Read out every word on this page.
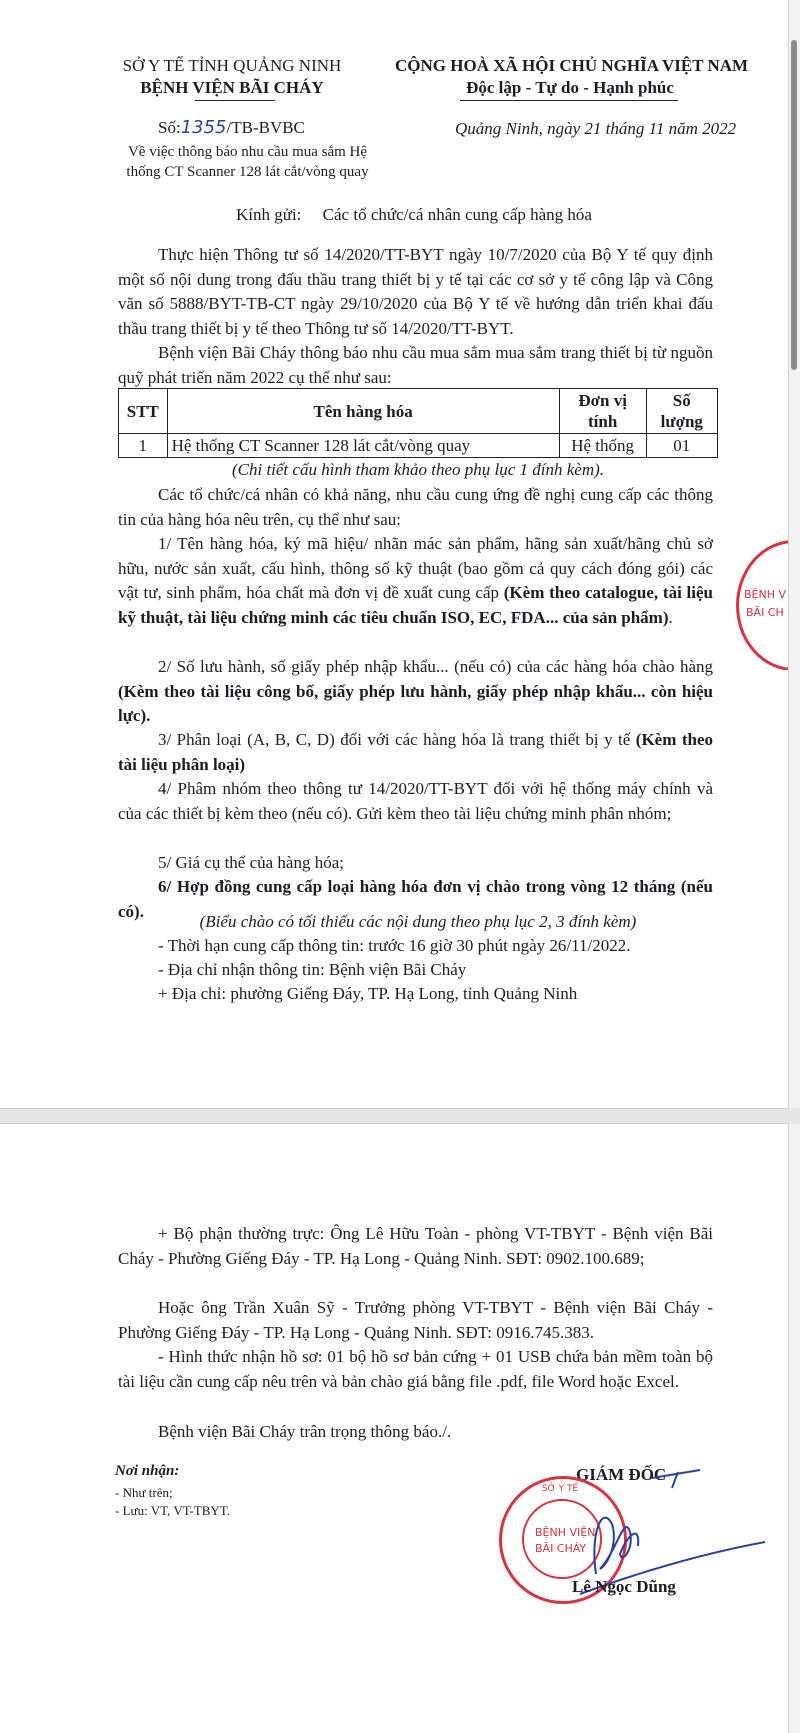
SỞ Y TẾ TỈNH QUẢNG NINH
BỆNH VIỆN BÃI CHÁY
CỘNG HOÀ XÃ HỘI CHỦ NGHĨA VIỆT NAM
Độc lập - Tự do - Hạnh phúc
Số:1355/TB-BVBC	Quảng Ninh, ngày 21 tháng 11 năm 2022
Về việc thông báo nhu cầu mua sắm Hệ
thống CT Scanner 128 lát cắt/vòng quay
Kính gửi: Các tổ chức/cá nhân cung cấp hàng hóa
Thực hiện Thông tư số 14/2020/TT-BYT ngày 10/7/2020 của Bộ Y tế quy định một số nội dung trong đấu thầu trang thiết bị y tế tại các cơ sở y tế công lập và Công văn số 5888/BYT-TB-CT ngày 29/10/2020 của Bộ Y tế về hướng dẫn triển khai đấu thầu trang thiết bị y tế theo Thông tư số 14/2020/TT-BYT.
Bệnh viện Bãi Cháy thông báo nhu cầu mua sắm mua sắm trang thiết bị từ nguồn quỹ phát triển năm 2022 cụ thể như sau:
STT	Tên hàng hóa	Đơn vị tính	Số lượng
1	Hệ thống CT Scanner 128 lát cắt/vòng quay	Hệ thống	01
(Chi tiết cấu hình tham khảo theo phụ lục 1 đính kèm).
Các tổ chức/cá nhân có khả năng, nhu cầu cung ứng đề nghị cung cấp các thông tin của hàng hóa nêu trên, cụ thể như sau:
1/ Tên hàng hóa, ký mã hiệu/ nhãn mác sản phẩm, hãng sản xuất/hãng chủ sở hữu, nước sản xuất, cấu hình, thông số kỹ thuật (bao gồm cả quy cách đóng gói) các vật tư, sinh phẩm, hóa chất mà đơn vị đề xuất cung cấp (Kèm theo catalogue, tài liệu kỹ thuật, tài liệu chứng minh các tiêu chuẩn ISO, EC, FDA... của sản phẩm).
2/ Số lưu hành, số giấy phép nhập khẩu... (nếu có) của các hàng hóa chào hàng (Kèm theo tài liệu công bố, giấy phép lưu hành, giấy phép nhập khẩu... còn hiệu lực).
3/ Phân loại (A, B, C, D) đối với các hàng hóa là trang thiết bị y tế (Kèm theo tài liệu phân loại)
4/ Phâm nhóm theo thông tư 14/2020/TT-BYT đối với hệ thống máy chính và của các thiết bị kèm theo (nếu có). Gửi kèm theo tài liệu chứng minh phân nhóm;
5/ Giá cụ thể của hàng hóa;
6/ Hợp đồng cung cấp loại hàng hóa đơn vị chào trong vòng 12 tháng (nếu có).
(Biểu chào có tối thiểu các nội dung theo phụ lục 2, 3 đính kèm)
- Thời hạn cung cấp thông tin: trước 16 giờ 30 phút ngày 26/11/2022.
- Địa chỉ nhận thông tin: Bệnh viện Bãi Cháy
+ Địa chỉ: phường Giếng Đáy, TP. Hạ Long, tỉnh Quảng Ninh
BỆNH V
BÃI CH
+ Bộ phận thường trực: Ông Lê Hữu Toàn - phòng VT-TBYT - Bệnh viện Bãi Cháy - Phường Giếng Đáy - TP. Hạ Long - Quảng Ninh. SĐT: 0902.100.689;
Hoặc ông Trần Xuân Sỹ - Trưởng phòng VT-TBYT - Bệnh viện Bãi Cháy - Phường Giếng Đáy - TP. Hạ Long - Quảng Ninh. SĐT: 0916.745.383.
- Hình thức nhận hồ sơ: 01 bộ hồ sơ bản cứng + 01 USB chứa bản mềm toàn bộ tài liệu cần cung cấp nêu trên và bản chào giá bằng file .pdf, file Word hoặc Excel.
Bệnh viện Bãi Cháy trân trọng thông báo./.
Nơi nhận:
- Như trên;
- Lưu: VT, VT-TBYT.
GIÁM ĐỐC
BỆNH VIỆN
BÃI CHÁY
SỞ Y TẾ
Lê Ngọc Dũng
